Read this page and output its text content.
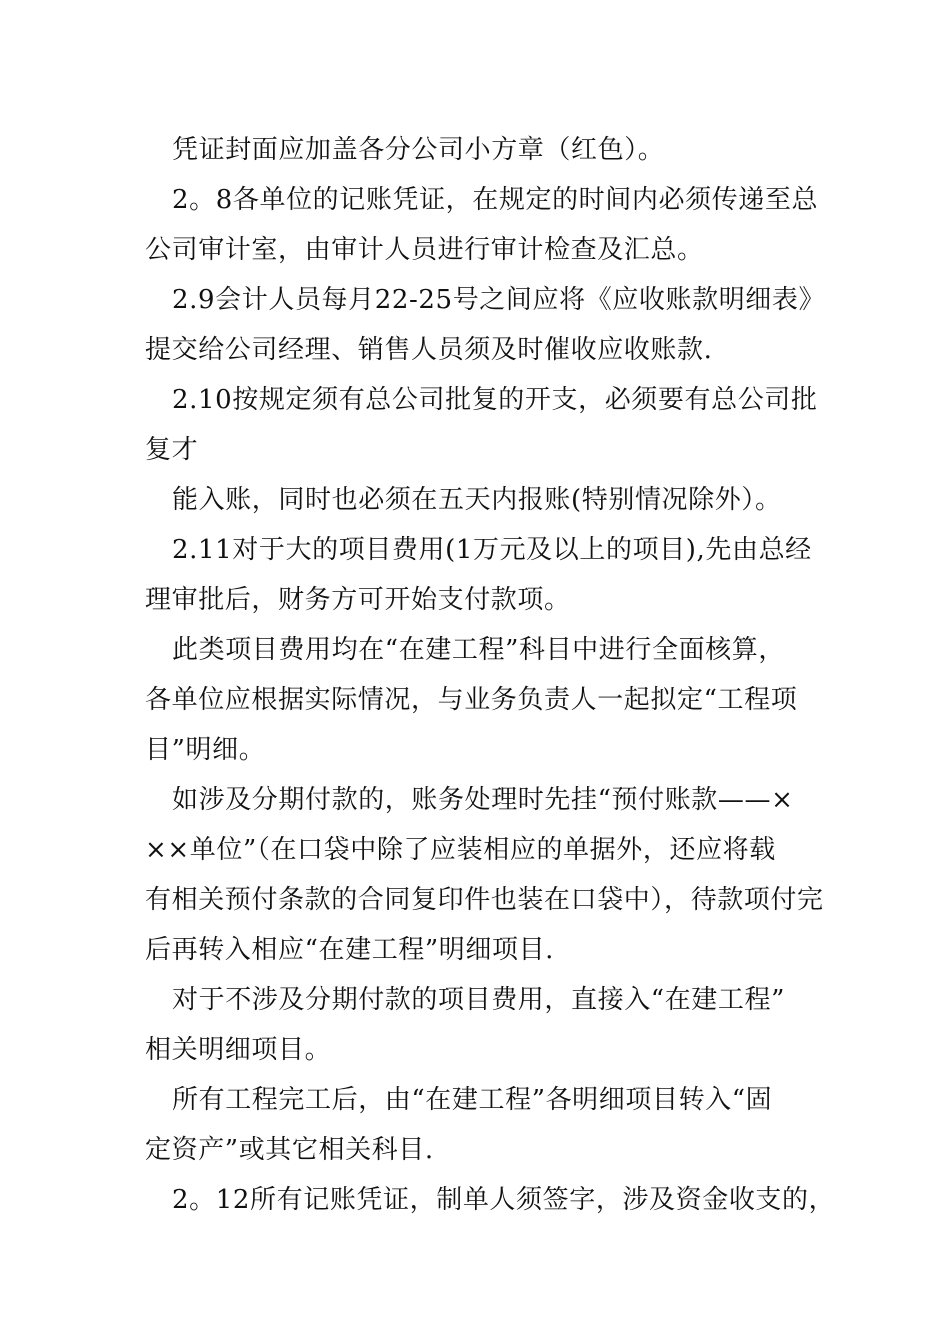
凭证封面应加盖各分公司小方章（红色）。
2。8各单位的记账凭证，在规定的时间内必须传递至总
公司审计室，由审计人员进行审计检查及汇总。
2.9会计人员每月22-25号之间应将《应收账款明细表》
提交给公司经理、销售人员须及时催收应收账款.
2.10按规定须有总公司批复的开支，必须要有总公司批
复才
能入账，同时也必须在五天内报账(特别情况除外）。
2.11对于大的项目费用(1万元及以上的项目),先由总经
理审批后，财务方可开始支付款项。
此类项目费用均在“在建工程”科目中进行全面核算，
各单位应根据实际情况，与业务负责人一起拟定“工程项
目”明细。
如涉及分期付款的，账务处理时先挂“预付账款——×
××单位”（在口袋中除了应装相应的单据外，还应将载
有相关预付条款的合同复印件也装在口袋中），待款项付完
后再转入相应“在建工程”明细项目.
对于不涉及分期付款的项目费用，直接入“在建工程”
相关明细项目。
所有工程完工后，由“在建工程”各明细项目转入“固
定资产”或其它相关科目.
2。12所有记账凭证，制单人须签字，涉及资金收支的，
